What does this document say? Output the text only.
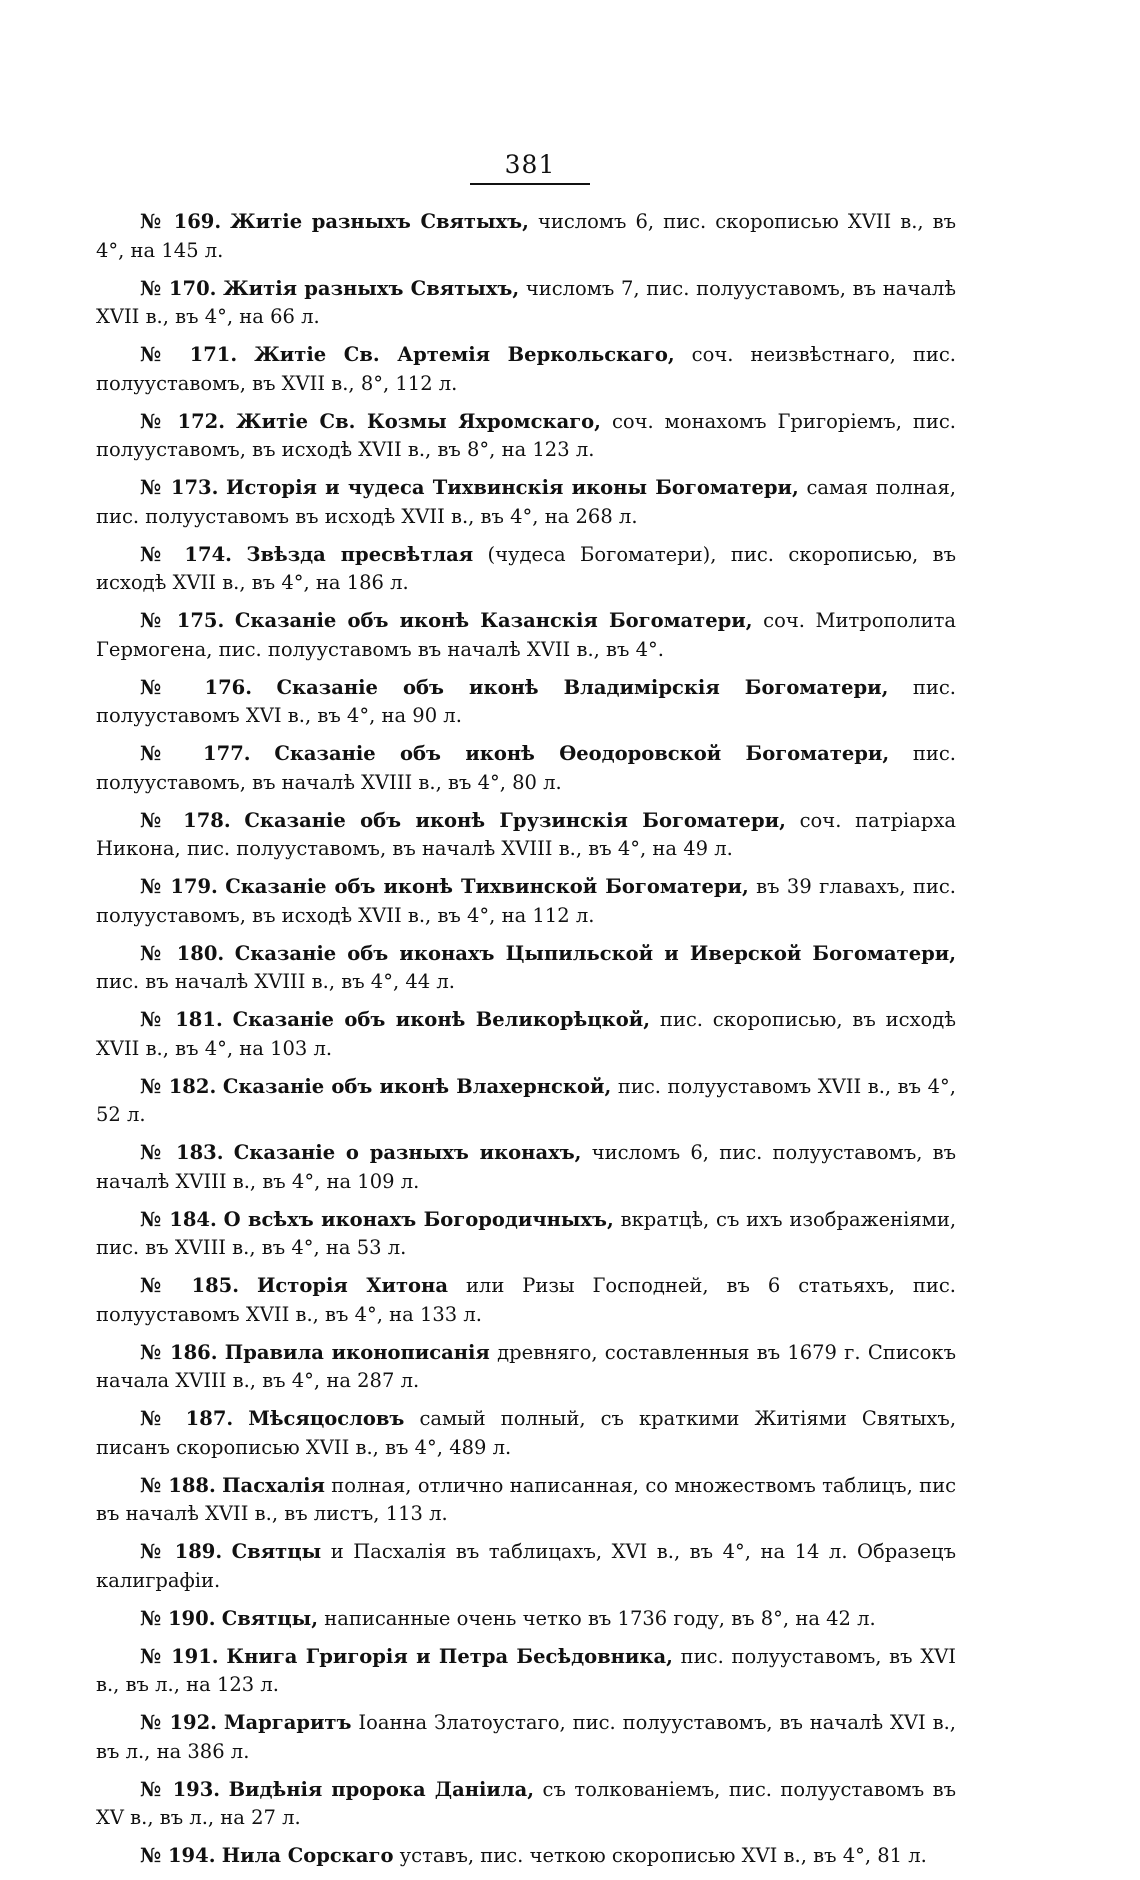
381

№ 169. Житіе разныхъ Святыхъ, числомъ 6, пис. скорописью XVII в., въ 4°, на 145 л.

№ 170. Житія разныхъ Святыхъ, числомъ 7, пис. полууставомъ, въ началѣ XVII в., въ 4°, на 66 л.

№ 171. Житіе Св. Артемія Веркольскаго, соч. неизвѣстнаго, пис. полууставомъ, въ XVII в., 8°, 112 л.

№ 172. Житіе Св. Козмы Яхромскаго, соч. монахомъ Григоріемъ, пис. полууставомъ, въ исходѣ XVII в., въ 8°, на 123 л.

№ 173. Исторія и чудеса Тихвинскія иконы Богоматери, самая полная, пис. полууставомъ въ исходѣ XVII в., въ 4°, на 268 л.

№ 174. Звѣзда пресвѣтлая (чудеса Богоматери), пис. скорописью, въ исходѣ XVII в., въ 4°, на 186 л.

№ 175. Сказаніе объ иконѣ Казанскія Богоматери, соч. Митрополита Гермогена, пис. полууставомъ въ началѣ XVII в., въ 4°.

№ 176. Сказаніе объ иконѣ Владимірскія Богоматери, пис. полууставомъ XVI в., въ 4°, на 90 л.

№ 177. Сказаніе объ иконѣ Өеодоровской Богоматери, пис. полууставомъ, въ началѣ XVIII в., въ 4°, 80 л.

№ 178. Сказаніе объ иконѣ Грузинскія Богоматери, соч. патріарха Никона, пис. полууставомъ, въ началѣ XVIII в., въ 4°, на 49 л.

№ 179. Сказаніе объ иконѣ Тихвинской Богоматери, въ 39 главахъ, пис. полууставомъ, въ исходѣ XVII в., въ 4°, на 112 л.

№ 180. Сказаніе объ иконахъ Цыпильской и Иверской Богоматери, пис. въ началѣ XVIII в., въ 4°, 44 л.

№ 181. Сказаніе объ иконѣ Великорѣцкой, пис. скорописью, въ исходѣ XVII в., въ 4°, на 103 л.

№ 182. Сказаніе объ иконѣ Влахернской, пис. полууставомъ XVII в., въ 4°, 52 л.

№ 183. Сказаніе о разныхъ иконахъ, числомъ 6, пис. полууставомъ, въ началѣ XVIII в., въ 4°, на 109 л.

№ 184. О всѣхъ иконахъ Богородичныхъ, вкратцѣ, съ ихъ изображеніями, пис. въ XVIII в., въ 4°, на 53 л.

№ 185. Исторія Хитона или Ризы Господней, въ 6 статьяхъ, пис. полууставомъ XVII в., въ 4°, на 133 л.

№ 186. Правила иконописанія древняго, составленныя въ 1679 г. Списокъ начала XVIII в., въ 4°, на 287 л.

№ 187. Мѣсяцословъ самый полный, съ краткими Житіями Святыхъ, писанъ скорописью XVII в., въ 4°, 489 л.

№ 188. Пасхалія полная, отлично написанная, со множествомъ таблицъ, пис въ началѣ XVII в., въ листъ, 113 л.

№ 189. Святцы и Пасхалія въ таблицахъ, XVI в., въ 4°, на 14 л. Образецъ калиграфіи.

№ 190. Святцы, написанные очень четко въ 1736 году, въ 8°, на 42 л.

№ 191. Книга Григорія и Петра Бесѣдовника, пис. полууставомъ, въ XVI в., въ л., на 123 л.

№ 192. Маргаритъ Іоанна Златоустаго, пис. полууставомъ, въ началѣ XVI в., въ л., на 386 л.

№ 193. Видѣнія пророка Даніила, съ толкованіемъ, пис. полууставомъ въ XV в., въ л., на 27 л.

№ 194. Нила Сорскаго уставъ, пис. четкою скорописью XVI в., въ 4°, 81 л.
